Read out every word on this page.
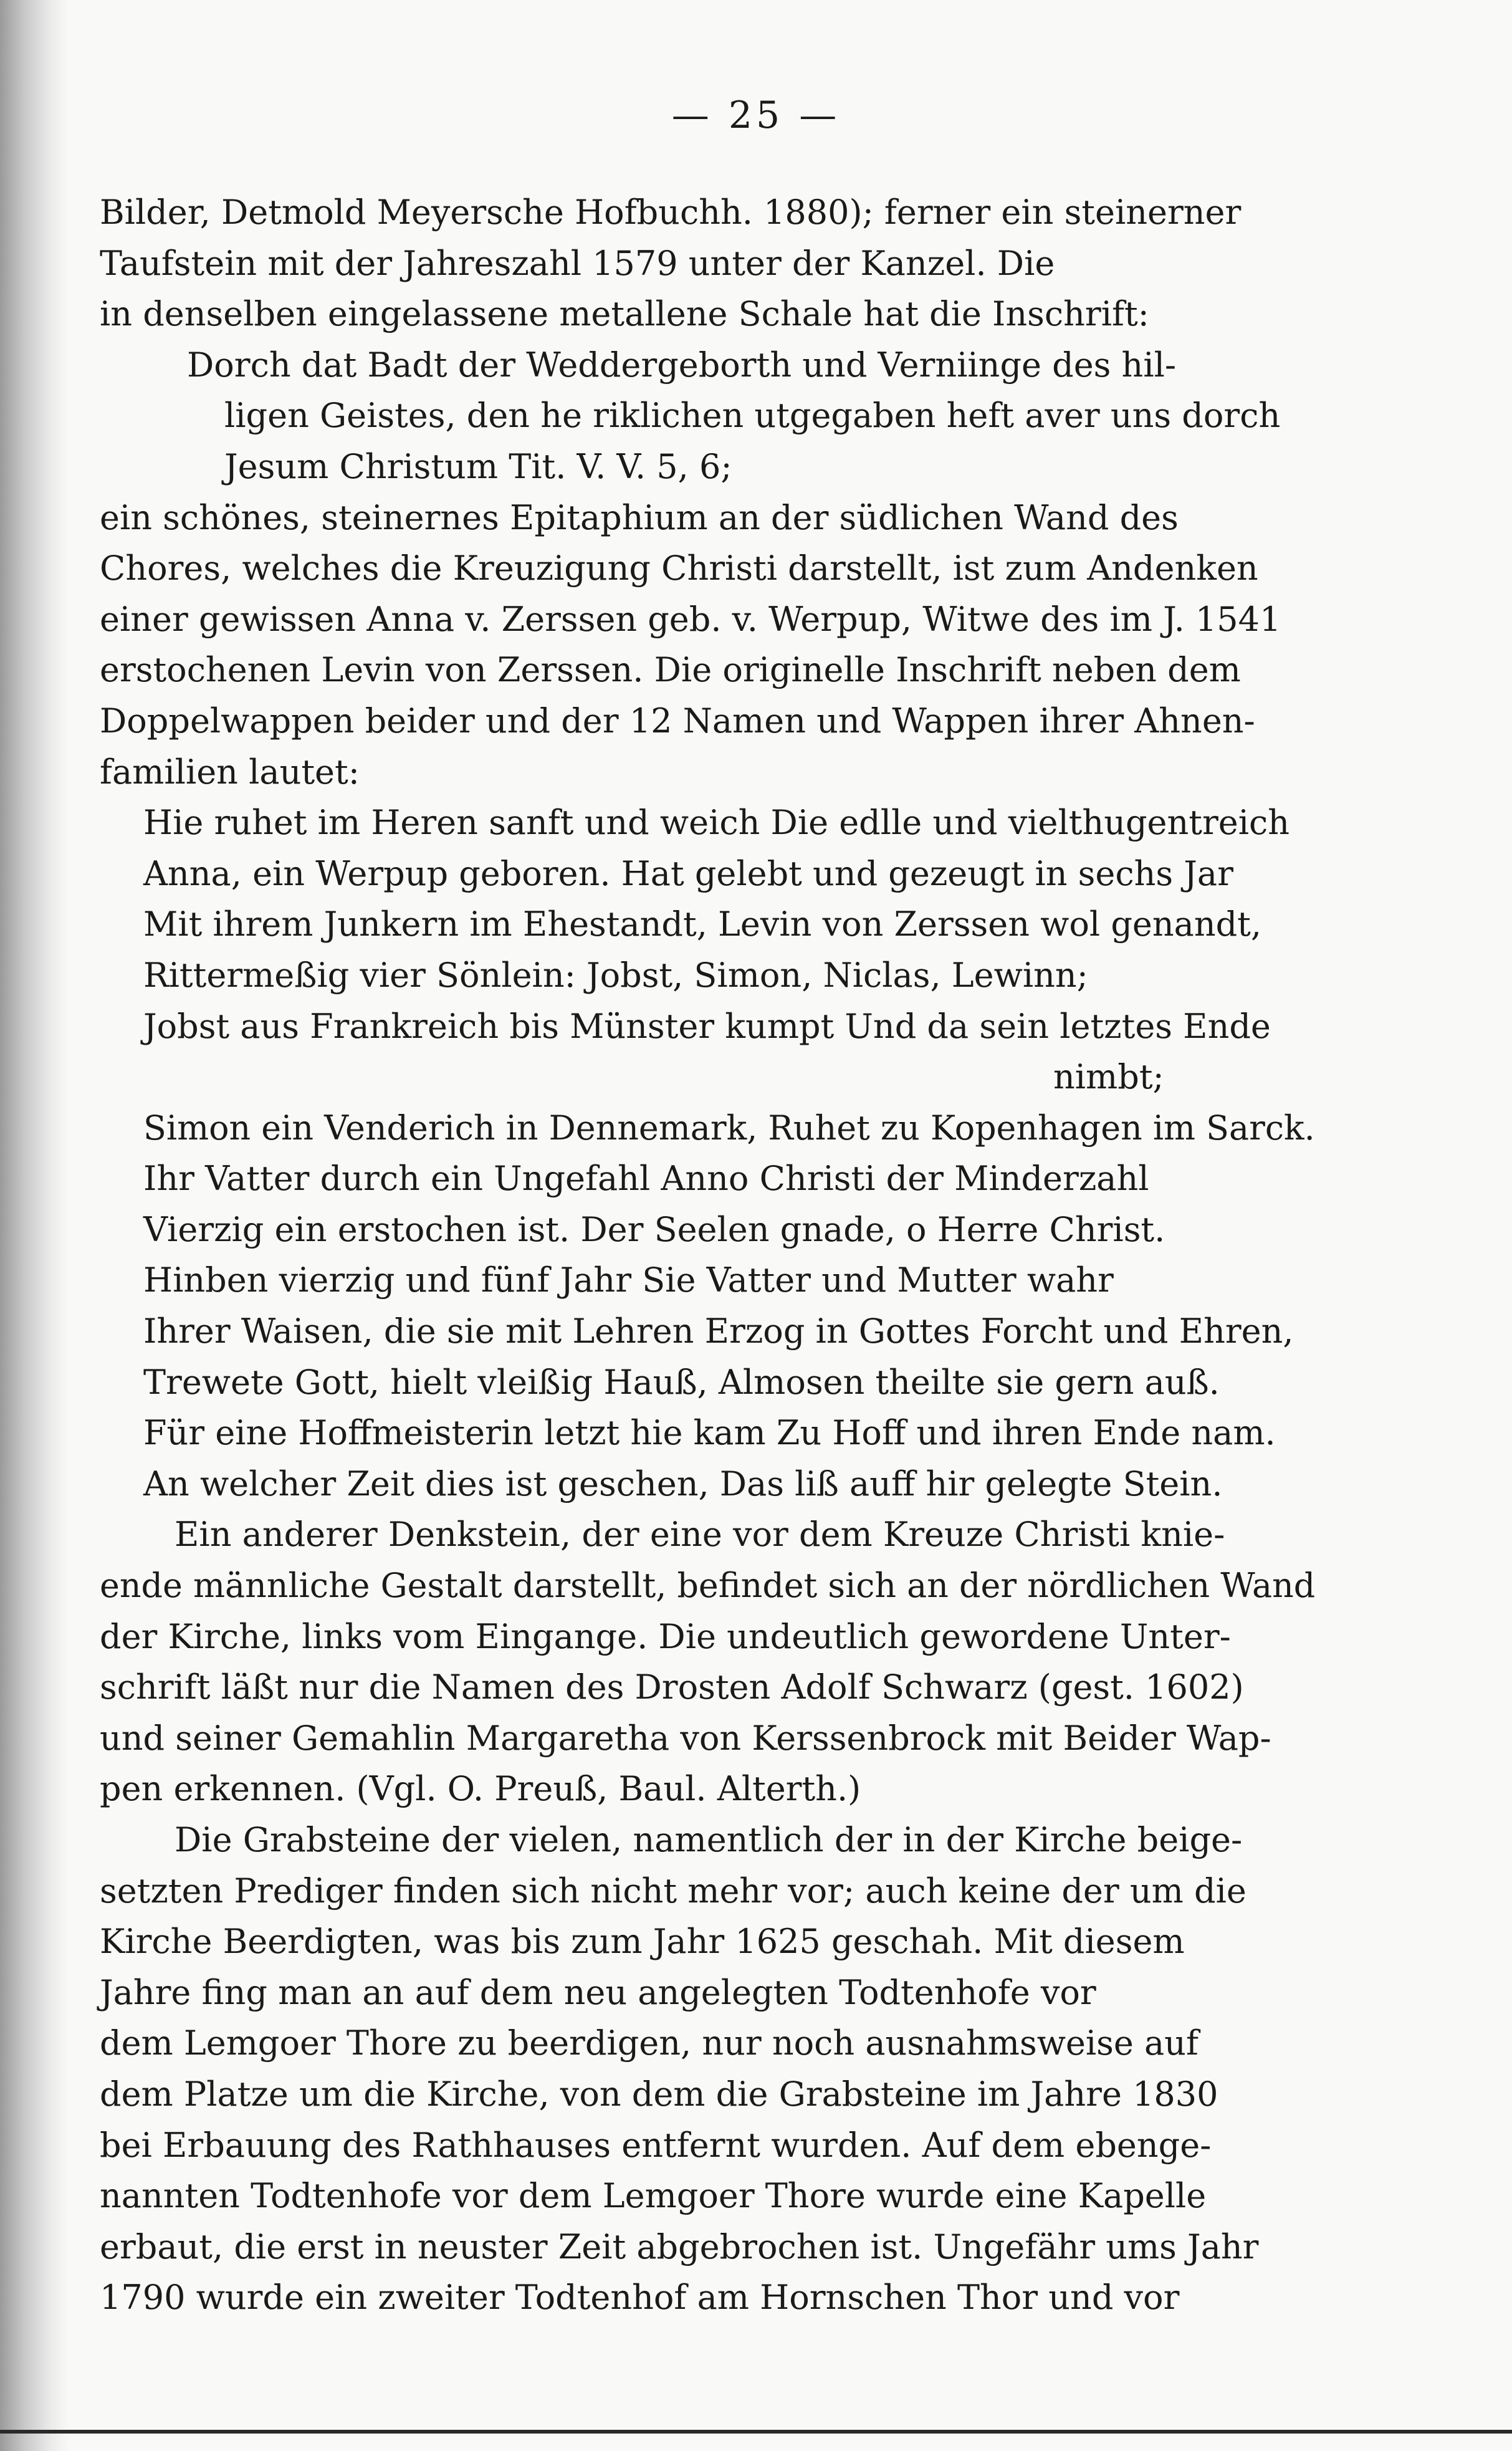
— 25 —
Bilder, Detmold Meyersche Hofbuchh. 1880); ferner ein steinerner
Taufstein mit der Jahreszahl 1579 unter der Kanzel. Die
in denselben eingelassene metallene Schale hat die Inschrift:
Dorch dat Badt der Weddergeborth und Verniinge des hil-
ligen Geistes, den he riklichen utgegaben heft aver uns dorch
Jesum Christum Tit. V. V. 5, 6;
ein schönes, steinernes Epitaphium an der südlichen Wand des
Chores, welches die Kreuzigung Christi darstellt, ist zum Andenken
einer gewissen Anna v. Zerssen geb. v. Werpup, Witwe des im J. 1541
erstochenen Levin von Zerssen. Die originelle Inschrift neben dem
Doppelwappen beider und der 12 Namen und Wappen ihrer Ahnen-
familien lautet:
Hie ruhet im Heren sanft und weich Die edlle und vielthugentreich
Anna, ein Werpup geboren. Hat gelebt und gezeugt in sechs Jar
Mit ihrem Junkern im Ehestandt, Levin von Zerssen wol genandt,
Rittermeßig vier Sönlein: Jobst, Simon, Niclas, Lewinn;
Jobst aus Frankreich bis Münster kumpt Und da sein letztes Ende
nimbt;
Simon ein Venderich in Dennemark, Ruhet zu Kopenhagen im Sarck.
Ihr Vatter durch ein Ungefahl Anno Christi der Minderzahl
Vierzig ein erstochen ist. Der Seelen gnade, o Herre Christ.
Hinben vierzig und fünf Jahr Sie Vatter und Mutter wahr
Ihrer Waisen, die sie mit Lehren Erzog in Gottes Forcht und Ehren,
Trewete Gott, hielt vleißig Hauß, Almosen theilte sie gern auß.
Für eine Hoffmeisterin letzt hie kam Zu Hoff und ihren Ende nam.
An welcher Zeit dies ist geschen, Das liß auff hir gelegte Stein.
Ein anderer Denkstein, der eine vor dem Kreuze Christi knie-
ende männliche Gestalt darstellt, befindet sich an der nördlichen Wand
der Kirche, links vom Eingange. Die undeutlich gewordene Unter-
schrift läßt nur die Namen des Drosten Adolf Schwarz (gest. 1602)
und seiner Gemahlin Margaretha von Kerssenbrock mit Beider Wap-
pen erkennen. (Vgl. O. Preuß, Baul. Alterth.)
Die Grabsteine der vielen, namentlich der in der Kirche beige-
setzten Prediger finden sich nicht mehr vor; auch keine der um die
Kirche Beerdigten, was bis zum Jahr 1625 geschah. Mit diesem
Jahre fing man an auf dem neu angelegten Todtenhofe vor
dem Lemgoer Thore zu beerdigen, nur noch ausnahmsweise auf
dem Platze um die Kirche, von dem die Grabsteine im Jahre 1830
bei Erbauung des Rathhauses entfernt wurden. Auf dem ebenge-
nannten Todtenhofe vor dem Lemgoer Thore wurde eine Kapelle
erbaut, die erst in neuster Zeit abgebrochen ist. Ungefähr ums Jahr
1790 wurde ein zweiter Todtenhof am Hornschen Thor und vor
